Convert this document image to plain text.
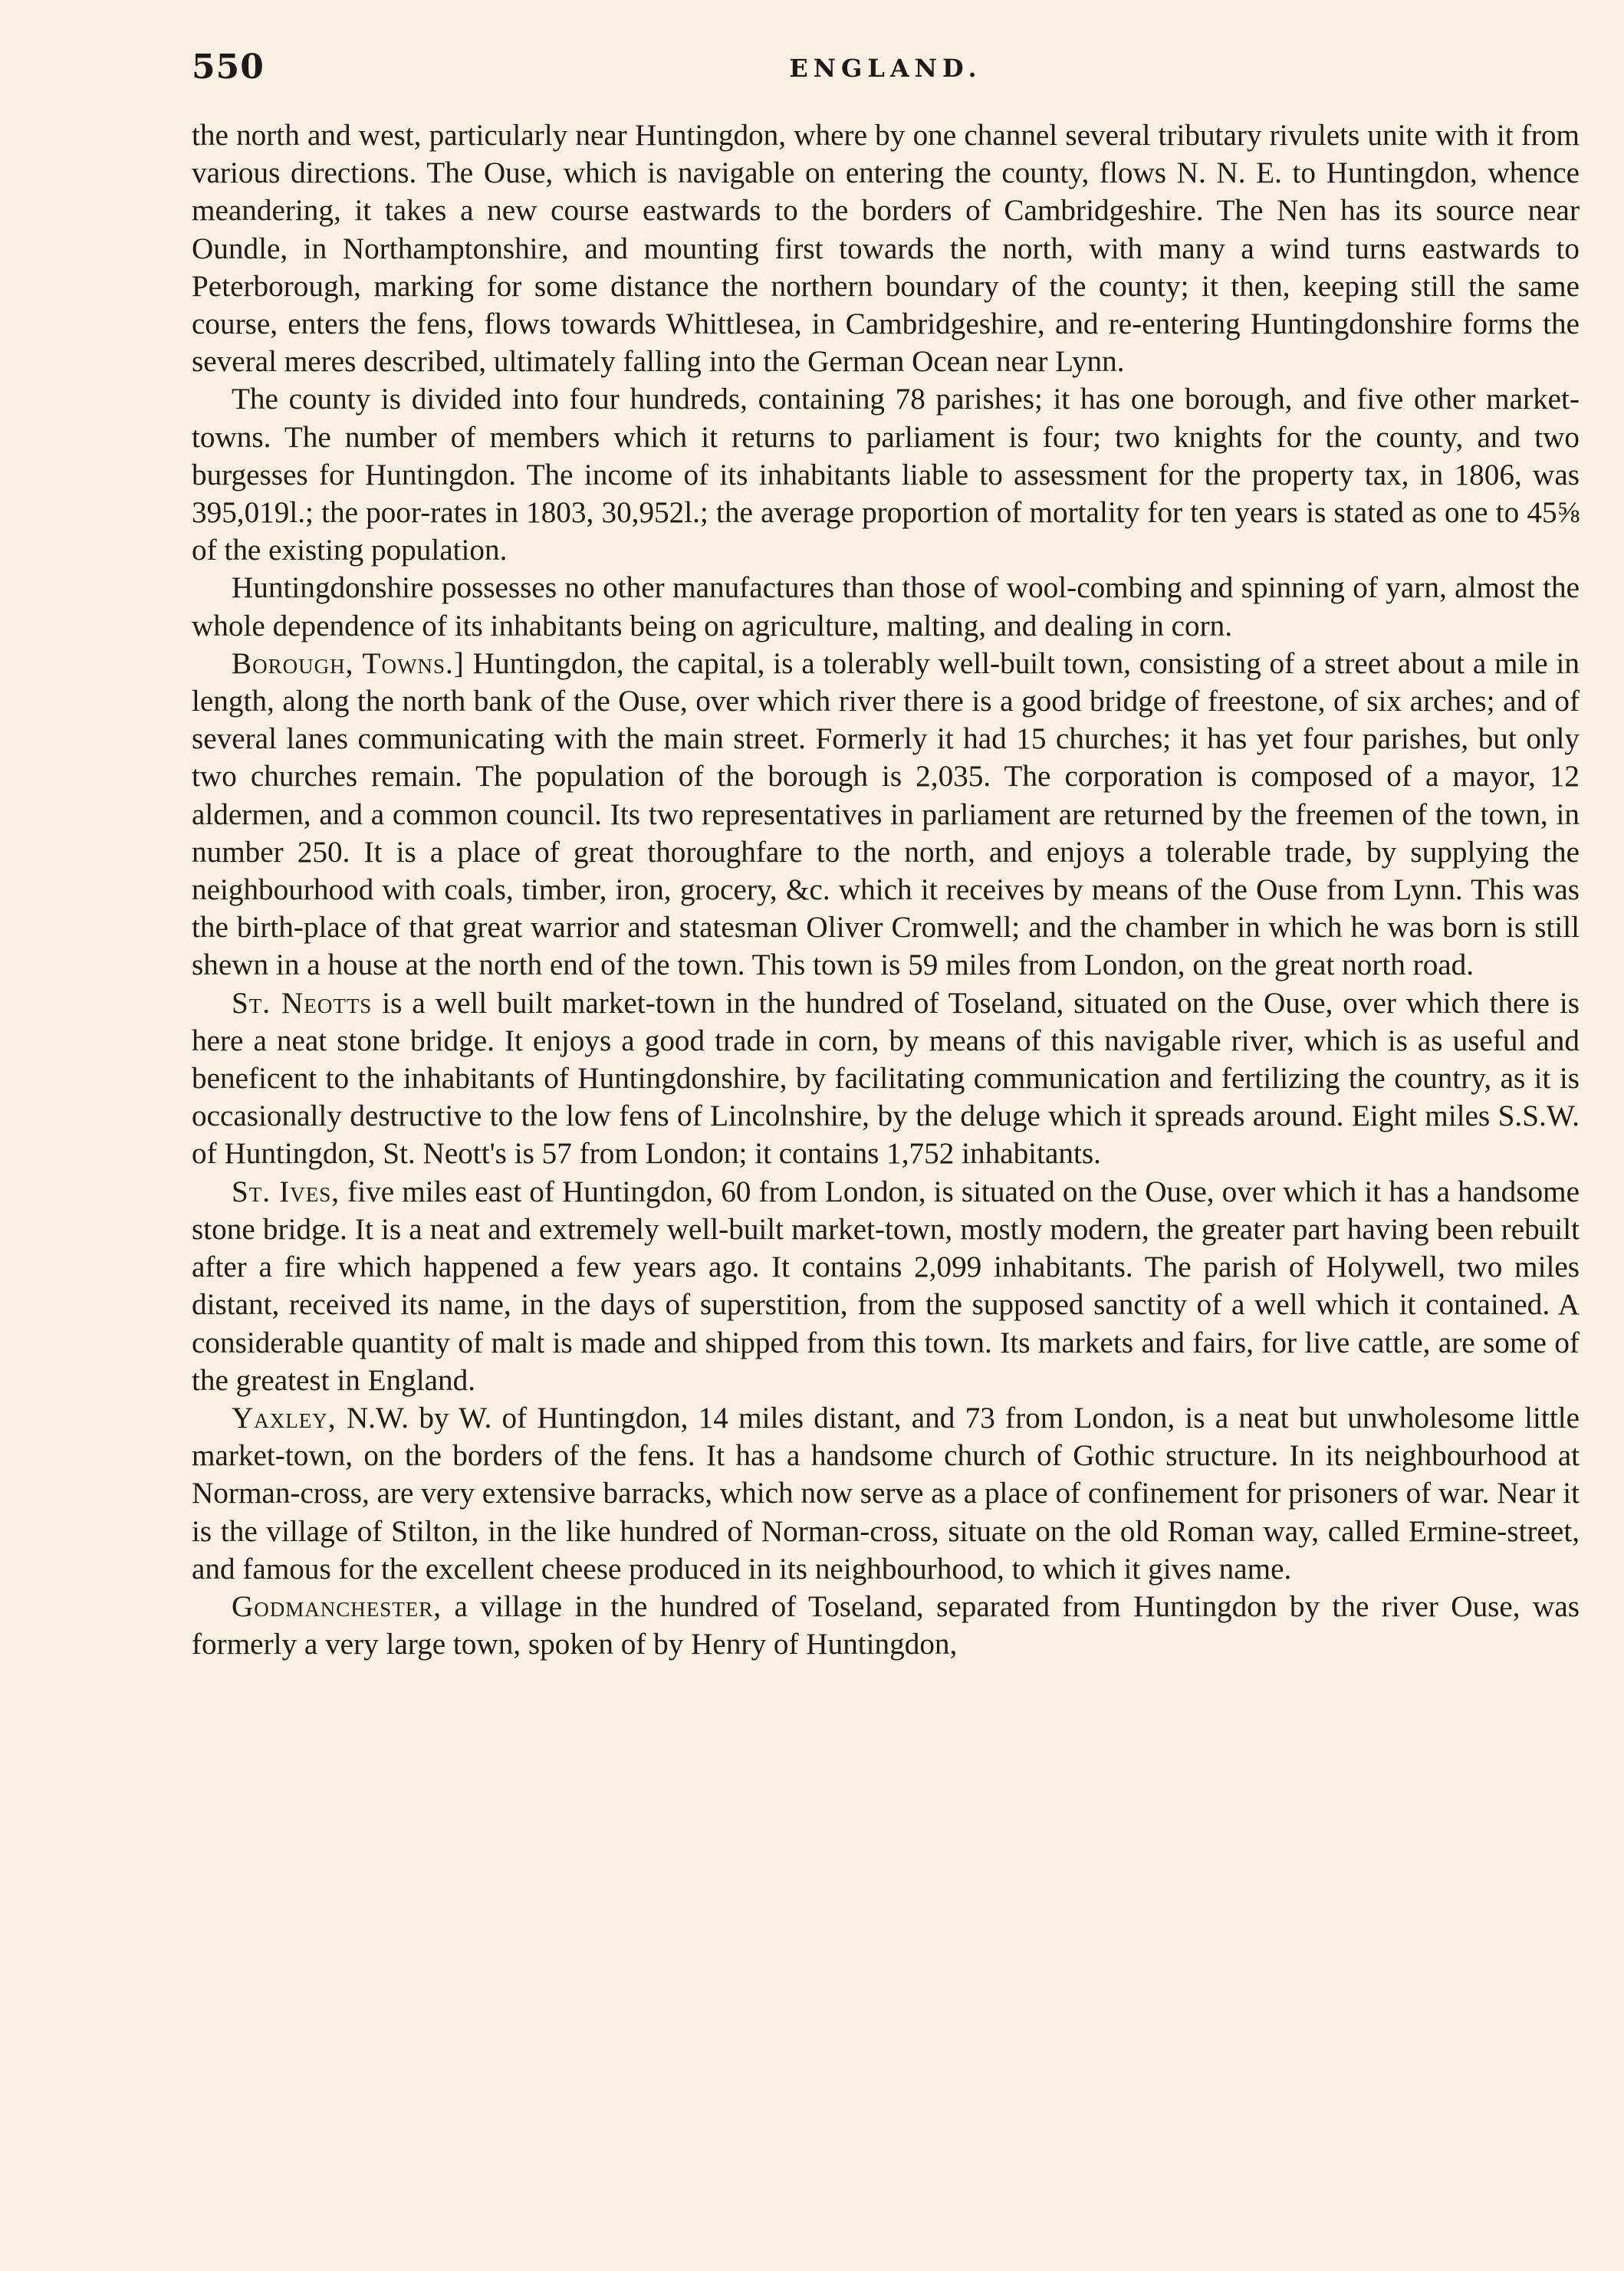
550	ENGLAND.

the north and west, particularly near Huntingdon, where by one channel several tributary rivulets unite with it from various directions. The Ouse, which is navigable on entering the county, flows N. N. E. to Huntingdon, whence meandering, it takes a new course eastwards to the borders of Cambridgeshire. The Nen has its source near Oundle, in Northamptonshire, and mounting first towards the north, with many a wind turns eastwards to Peterborough, marking for some distance the northern boundary of the county; it then, keeping still the same course, enters the fens, flows towards Whittlesea, in Cambridgeshire, and re-entering Huntingdonshire forms the several meres described, ultimately falling into the German Ocean near Lynn.

The county is divided into four hundreds, containing 78 parishes; it has one borough, and five other market-towns. The number of members which it returns to parliament is four; two knights for the county, and two burgesses for Huntingdon. The income of its inhabitants liable to assessment for the property tax, in 1806, was 395,019l.; the poor-rates in 1803, 30,952l.; the average proportion of mortality for ten years is stated as one to 45⅝ of the existing population.

Huntingdonshire possesses no other manufactures than those of wool-combing and spinning of yarn, almost the whole dependence of its inhabitants being on agriculture, malting, and dealing in corn.

Borough, Towns.] Huntingdon, the capital, is a tolerably well-built town, consisting of a street about a mile in length, along the north bank of the Ouse, over which river there is a good bridge of freestone, of six arches; and of several lanes communicating with the main street. Formerly it had 15 churches; it has yet four parishes, but only two churches remain. The population of the borough is 2,035. The corporation is composed of a mayor, 12 aldermen, and a common council. Its two representatives in parliament are returned by the freemen of the town, in number 250. It is a place of great thoroughfare to the north, and enjoys a tolerable trade, by supplying the neighbourhood with coals, timber, iron, grocery, &c. which it receives by means of the Ouse from Lynn. This was the birth-place of that great warrior and statesman Oliver Cromwell; and the chamber in which he was born is still shewn in a house at the north end of the town. This town is 59 miles from London, on the great north road.

St. Neotts is a well built market-town in the hundred of Toseland, situated on the Ouse, over which there is here a neat stone bridge. It enjoys a good trade in corn, by means of this navigable river, which is as useful and beneficent to the inhabitants of Huntingdonshire, by facilitating communication and fertilizing the country, as it is occasionally destructive to the low fens of Lincolnshire, by the deluge which it spreads around. Eight miles S.S.W. of Huntingdon, St. Neott's is 57 from London; it contains 1,752 inhabitants.

St. Ives, five miles east of Huntingdon, 60 from London, is situated on the Ouse, over which it has a handsome stone bridge. It is a neat and extremely well-built market-town, mostly modern, the greater part having been rebuilt after a fire which happened a few years ago. It contains 2,099 inhabitants. The parish of Holywell, two miles distant, received its name, in the days of superstition, from the supposed sanctity of a well which it contained. A considerable quantity of malt is made and shipped from this town. Its markets and fairs, for live cattle, are some of the greatest in England.

Yaxley, N.W. by W. of Huntingdon, 14 miles distant, and 73 from London, is a neat but unwholesome little market-town, on the borders of the fens. It has a handsome church of Gothic structure. In its neighbourhood at Norman-cross, are very extensive barracks, which now serve as a place of confinement for prisoners of war. Near it is the village of Stilton, in the like hundred of Norman-cross, situate on the old Roman way, called Ermine-street, and famous for the excellent cheese produced in its neighbourhood, to which it gives name.

Godmanchester, a village in the hundred of Toseland, separated from Huntingdon by the river Ouse, was formerly a very large town, spoken of by Henry of Huntingdon,
